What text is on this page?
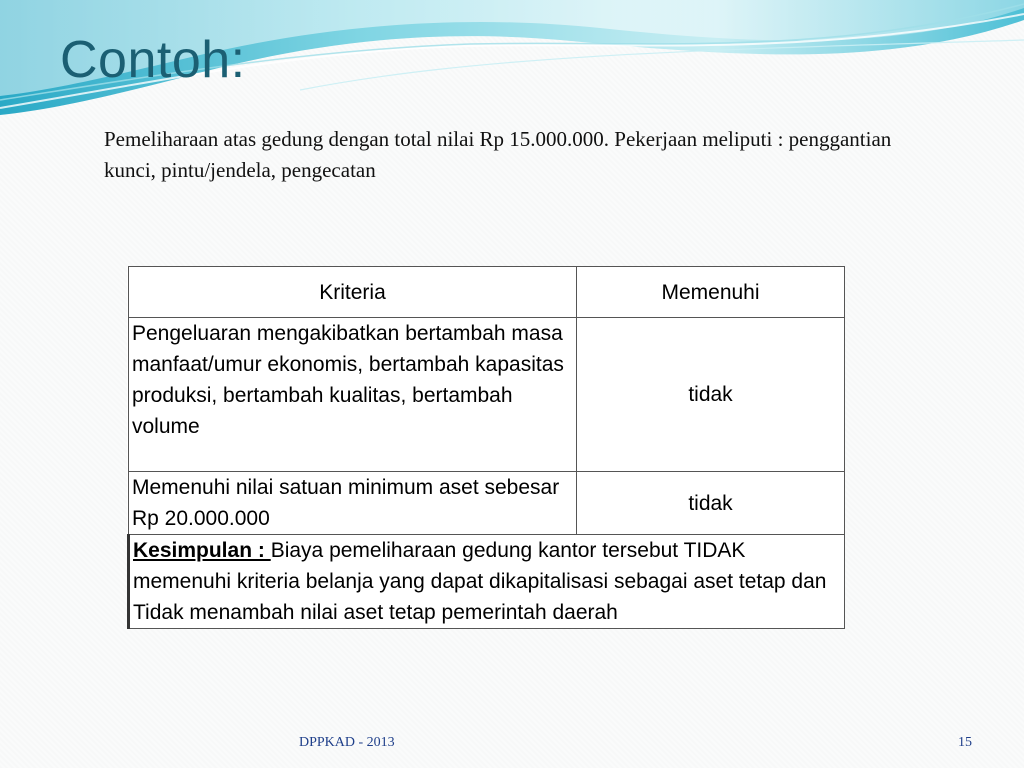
Contoh:
Pemeliharaan atas gedung dengan total nilai Rp 15.000.000. Pekerjaan meliputi : penggantian kunci, pintu/jendela, pengecatan
Kriteria	Memenuhi
Pengeluaran mengakibatkan bertambah masa manfaat/umur ekonomis, bertambah kapasitas produksi, bertambah kualitas, bertambah volume	tidak
Memenuhi nilai satuan minimum aset sebesar Rp 20.000.000	tidak
Kesimpulan : Biaya pemeliharaan gedung kantor tersebut TIDAK memenuhi kriteria belanja yang dapat dikapitalisasi sebagai aset tetap dan Tidak menambah nilai aset tetap pemerintah daerah	
DPPKAD - 2013	15
